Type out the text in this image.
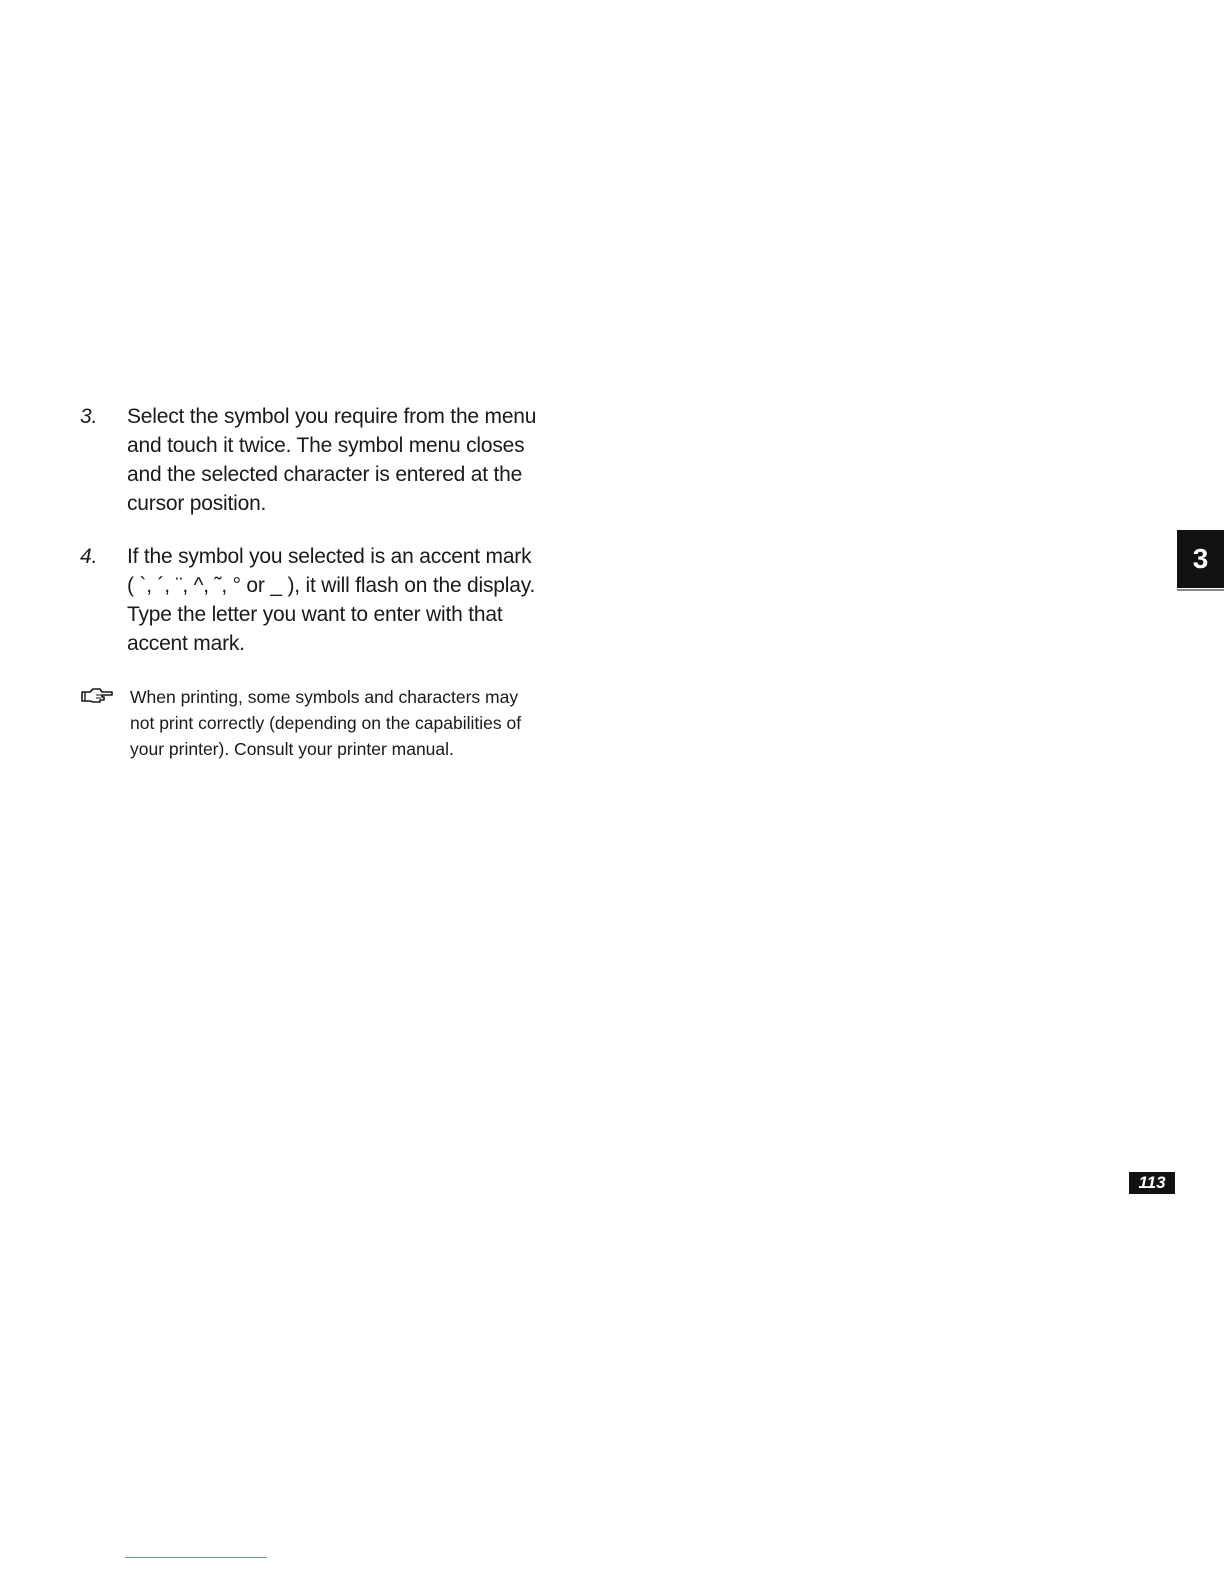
3. Select the symbol you require from the menu
and touch it twice. The symbol menu closes
and the selected character is entered at the
cursor position.
4. If the symbol you selected is an accent mark
( `, ´, ¨, ^, ˜, ° or _ ), it will flash on the display.
Type the letter you want to enter with that
accent mark.
When printing, some symbols and characters may
not print correctly (depending on the capabilities of
your printer). Consult your printer manual.
3
113
